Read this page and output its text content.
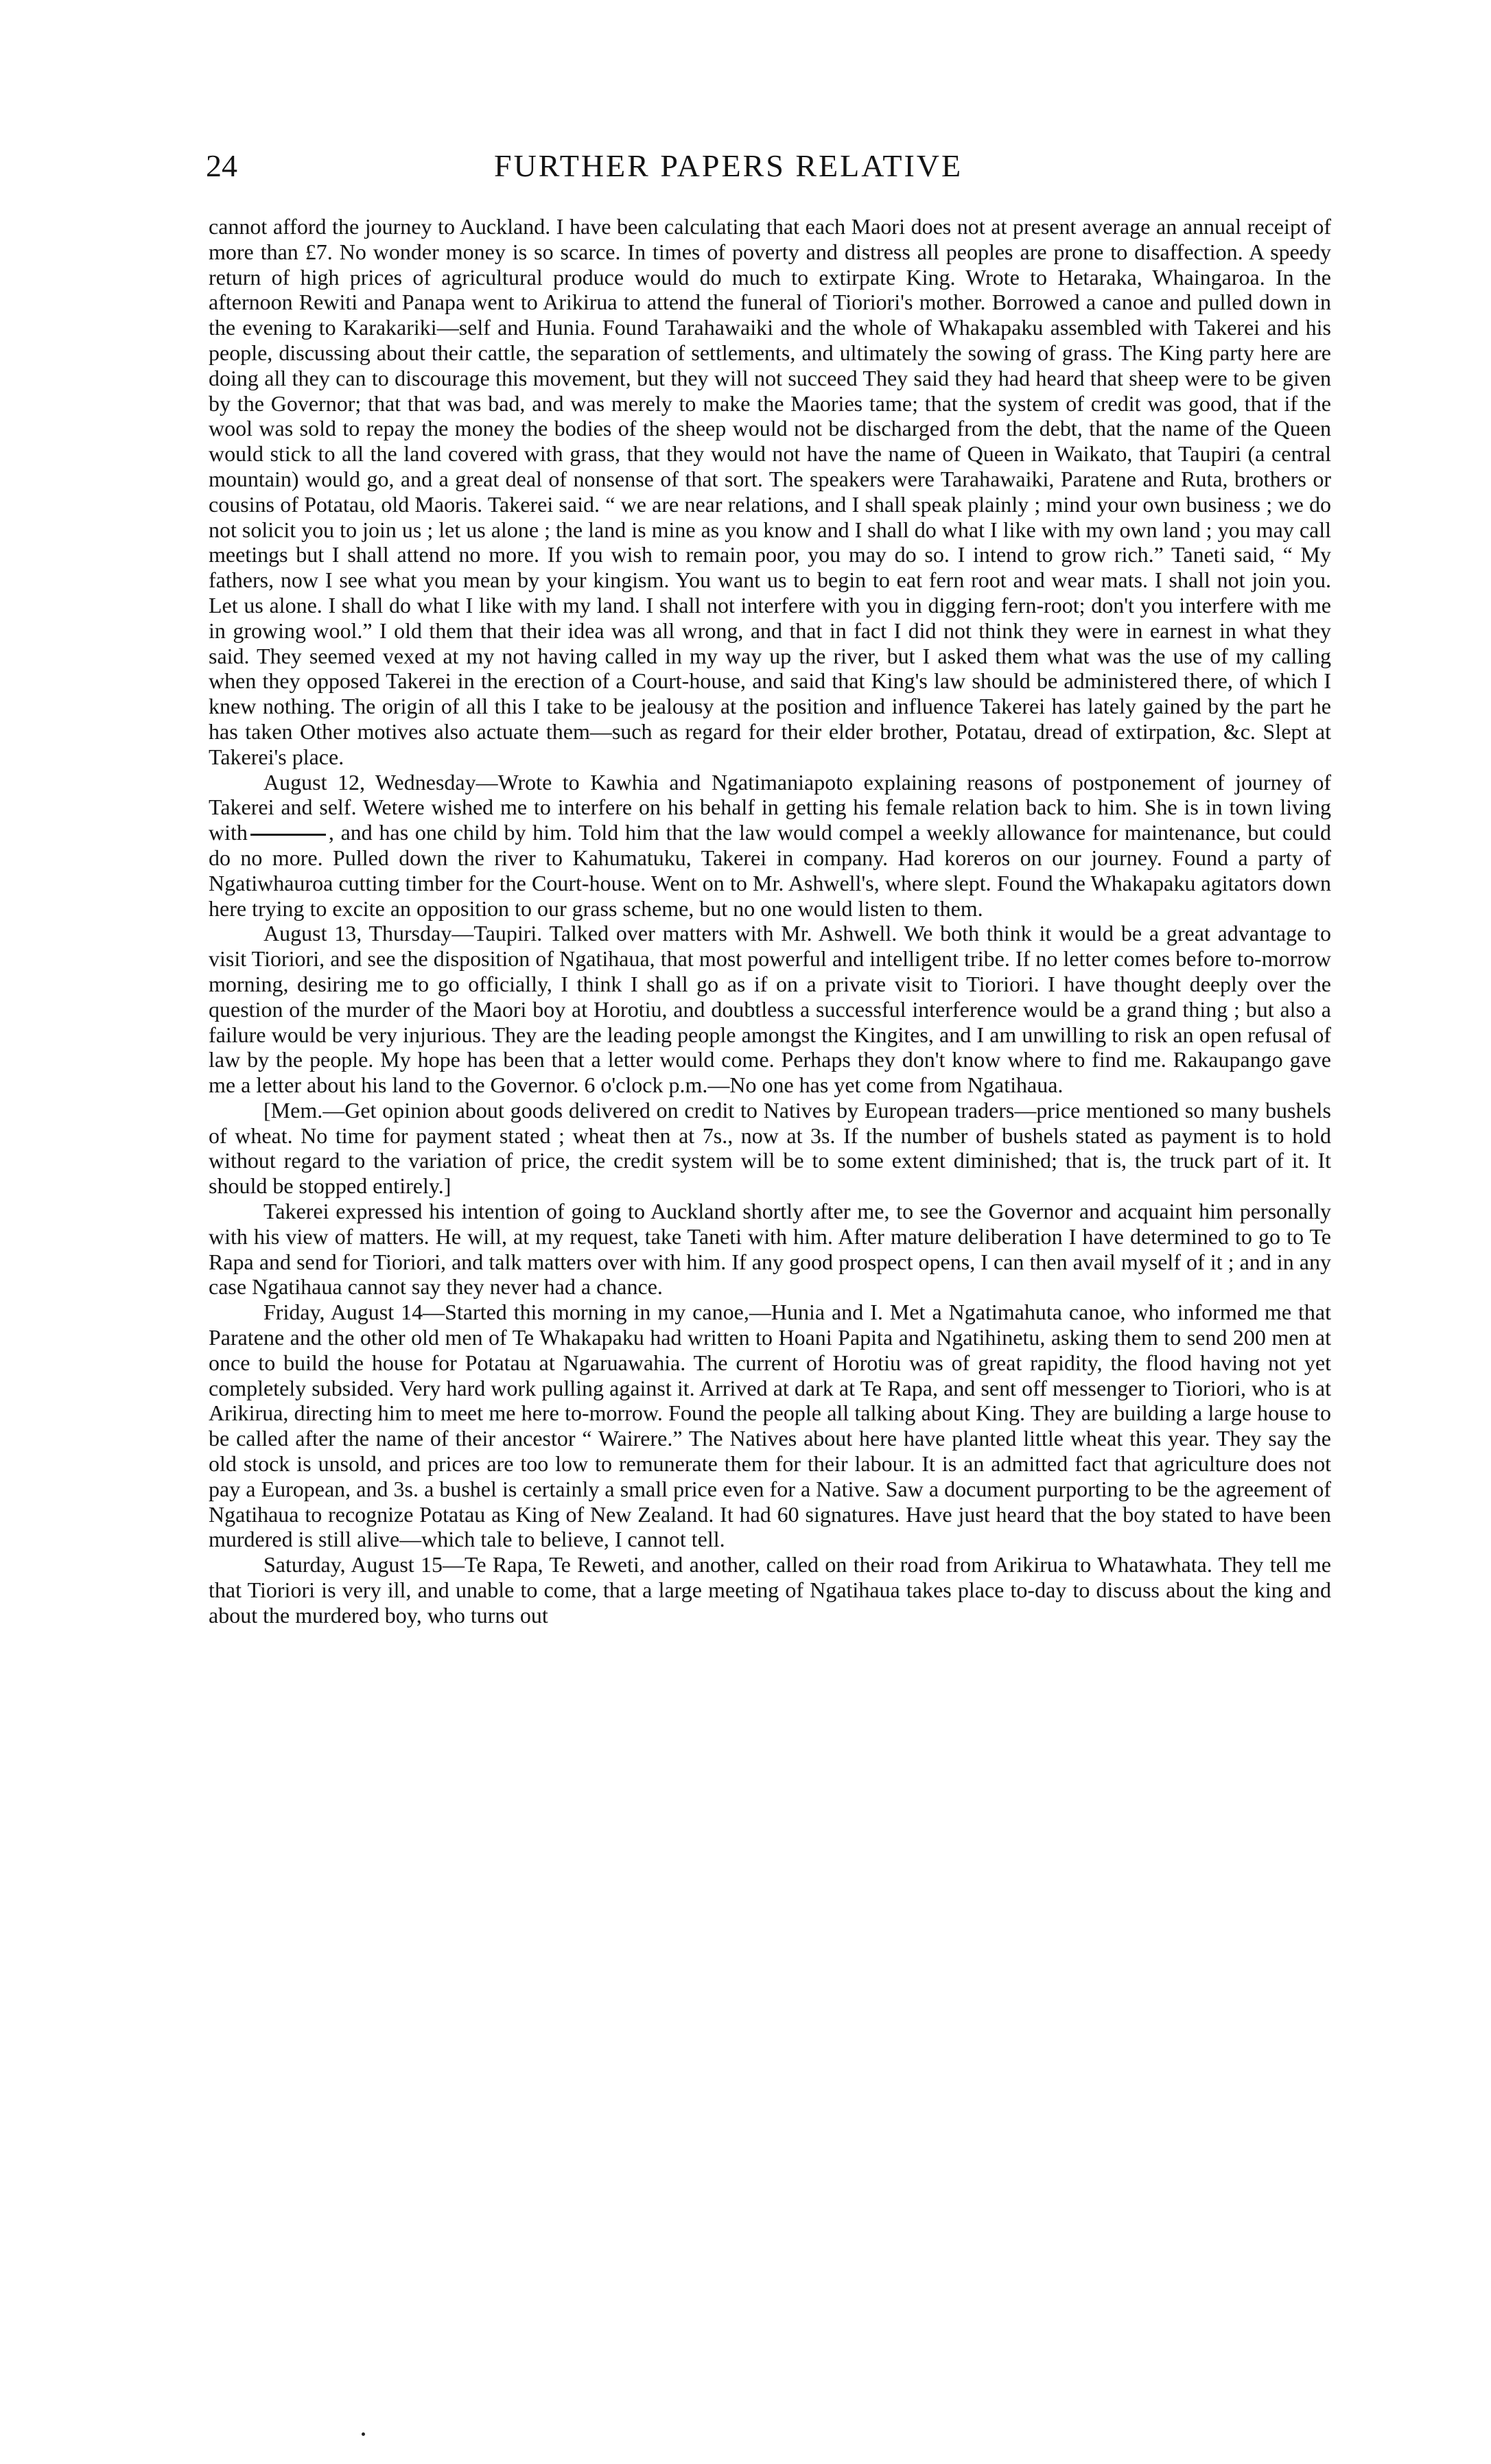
24	FURTHER PAPERS RELATIVE

cannot afford the journey to Auckland. I have been calculating that each Maori does not at present average an annual receipt of more than £7. No wonder money is so scarce. In times of poverty and distress all peoples are prone to disaffection. A speedy return of high prices of agricultural produce would do much to extirpate King. Wrote to Hetaraka, Whaingaroa. In the afternoon Rewiti and Panapa went to Arikirua to attend the funeral of Tioriori's mother. Borrowed a canoe and pulled down in the evening to Karakariki—self and Hunia. Found Tarahawaiki and the whole of Whakapaku assembled with Takerei and his people, discussing about their cattle, the separation of settlements, and ultimately the sowing of grass. The King party here are doing all they can to discourage this movement, but they will not succeed They said they had heard that sheep were to be given by the Governor; that that was bad, and was merely to make the Maories tame; that the system of credit was good, that if the wool was sold to repay the money the bodies of the sheep would not be discharged from the debt, that the name of the Queen would stick to all the land covered with grass, that they would not have the name of Queen in Waikato, that Taupiri (a central mountain) would go, and a great deal of nonsense of that sort. The speakers were Tarahawaiki, Paratene and Ruta, brothers or cousins of Potatau, old Maoris. Takerei said. “ we are near relations, and I shall speak plainly ; mind your own business ; we do not solicit you to join us ; let us alone ; the land is mine as you know and I shall do what I like with my own land ; you may call meetings but I shall attend no more. If you wish to remain poor, you may do so. I intend to grow rich.” Taneti said, “ My fathers, now I see what you mean by your kingism. You want us to begin to eat fern root and wear mats. I shall not join you. Let us alone. I shall do what I like with my land. I shall not interfere with you in digging fern-root; don't you interfere with me in growing wool.” I old them that their idea was all wrong, and that in fact I did not think they were in earnest in what they said. They seemed vexed at my not having called in my way up the river, but I asked them what was the use of my calling when they opposed Takerei in the erection of a Court-house, and said that King's law should be administered there, of which I knew nothing. The origin of all this I take to be jealousy at the position and influence Takerei has lately gained by the part he has taken Other motives also actuate them—such as regard for their elder brother, Potatau, dread of extirpation, &c. Slept at Takerei's place.

August 12, Wednesday—Wrote to Kawhia and Ngatimaniapoto explaining reasons of postponement of journey of Takerei and self. Wetere wished me to interfere on his behalf in getting his female relation back to him. She is in town living with	, and has one child by him. Told him that the law would compel a weekly allowance for maintenance, but could do no more. Pulled down the river to Kahumatuku, Takerei in company. Had koreros on our journey. Found a party of Ngatiwhauroa cutting timber for the Court-house. Went on to Mr. Ashwell's, where slept. Found the Whakapaku agitators down here trying to excite an opposition to our grass scheme, but no one would listen to them.

August 13, Thursday—Taupiri. Talked over matters with Mr. Ashwell. We both think it would be a great advantage to visit Tioriori, and see the disposition of Ngatihaua, that most powerful and intelligent tribe. If no letter comes before to-morrow morning, desiring me to go officially, I think I shall go as if on a private visit to Tioriori. I have thought deeply over the question of the murder of the Maori boy at Horotiu, and doubtless a successful interference would be a grand thing ; but also a failure would be very injurious. They are the leading people amongst the Kingites, and I am unwilling to risk an open refusal of law by the people. My hope has been that a letter would come. Perhaps they don't know where to find me. Rakaupango gave me a letter about his land to the Governor. 6 o'clock p.m.—No one has yet come from Ngatihaua.

[Mem.—Get opinion about goods delivered on credit to Natives by European traders—price mentioned so many bushels of wheat. No time for payment stated ; wheat then at 7s., now at 3s. If the number of bushels stated as payment is to hold without regard to the variation of price, the credit system will be to some extent diminished; that is, the truck part of it. It should be stopped entirely.]

Takerei expressed his intention of going to Auckland shortly after me, to see the Governor and acquaint him personally with his view of matters. He will, at my request, take Taneti with him. After mature deliberation I have determined to go to Te Rapa and send for Tioriori, and talk matters over with him. If any good prospect opens, I can then avail myself of it ; and in any case Ngatihaua cannot say they never had a chance.

Friday, August 14—Started this morning in my canoe,—Hunia and I. Met a Ngatimahuta canoe, who informed me that Paratene and the other old men of Te Whakapaku had written to Hoani Papita and Ngatihinetu, asking them to send 200 men at once to build the house for Potatau at Ngaruawahia. The current of Horotiu was of great rapidity, the flood having not yet completely subsided. Very hard work pulling against it. Arrived at dark at Te Rapa, and sent off messenger to Tioriori, who is at Arikirua, directing him to meet me here to-morrow. Found the people all talking about King. They are building a large house to be called after the name of their ancestor “ Wairere.” The Natives about here have planted little wheat this year. They say the old stock is unsold, and prices are too low to remunerate them for their labour. It is an admitted fact that agriculture does not pay a European, and 3s. a bushel is certainly a small price even for a Native. Saw a document purporting to be the agreement of Ngatihaua to recognize Potatau as King of New Zealand. It had 60 signatures. Have just heard that the boy stated to have been murdered is still alive—which tale to believe, I cannot tell.

Saturday, August 15—Te Rapa, Te Reweti, and another, called on their road from Arikirua to Whatawhata. They tell me that Tioriori is very ill, and unable to come, that a large meeting of Ngatihaua takes place to-day to discuss about the king and about the murdered boy, who turns out
